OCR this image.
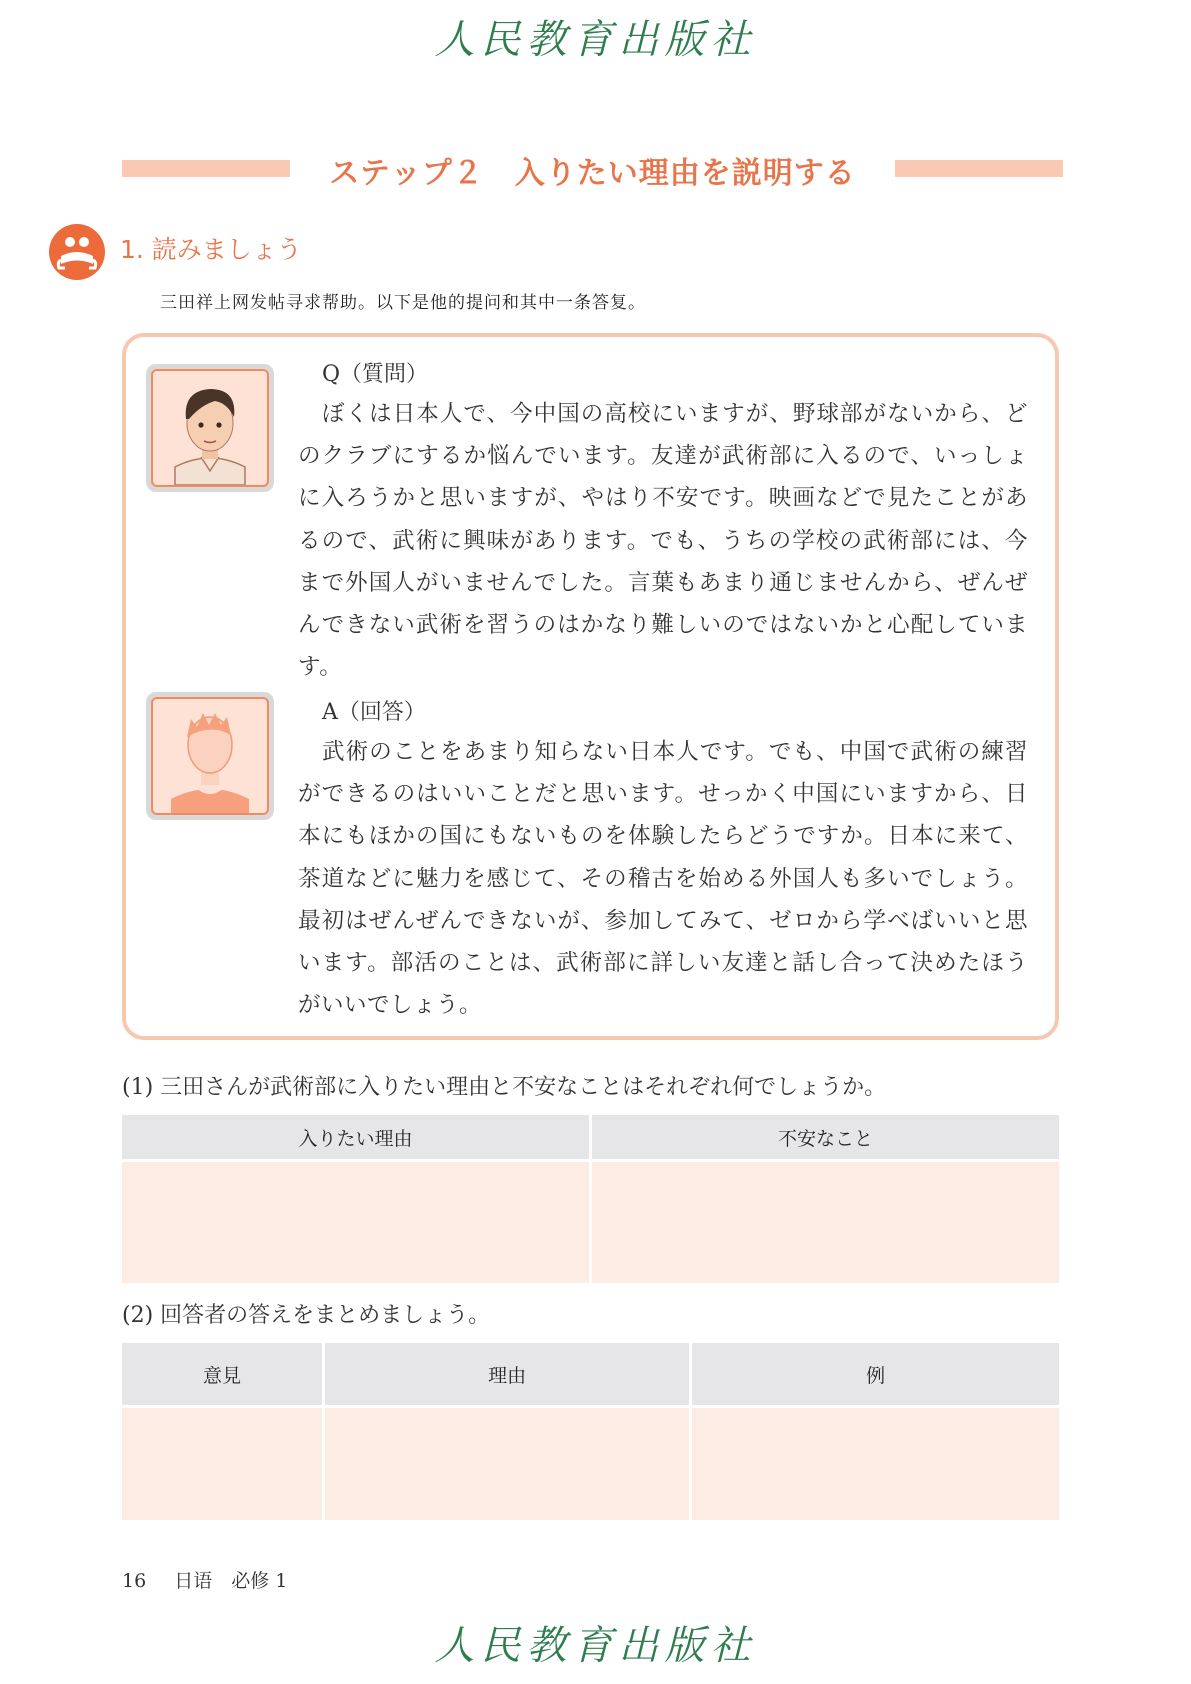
人民教育出版社
ステップ２　入りたい理由を説明する
1. 読みましょう
三田祥上网发帖寻求帮助。以下是他的提问和其中一条答复。
Q（質問）
ぼくは日本人で、今中国の高校にいますが、野球部がないから、どのクラブにするか悩んでいます。友達が武術部に入るので、いっしょに入ろうかと思いますが、やはり不安です。映画などで見たことがあるので、武術に興味があります。でも、うちの学校の武術部には、今まで外国人がいませんでした。言葉もあまり通じませんから、ぜんぜんできない武術を習うのはかなり難しいのではないかと心配しています。
A（回答）
武術のことをあまり知らない日本人です。でも、中国で武術の練習ができるのはいいことだと思います。せっかく中国にいますから、日本にもほかの国にもないものを体験したらどうですか。日本に来て、茶道などに魅力を感じて、その稽古を始める外国人も多いでしょう。最初はぜんぜんできないが、参加してみて、ゼロから学べばいいと思います。部活のことは、武術部に詳しい友達と話し合って決めたほうがいいでしょう。
(1) 三田さんが武術部に入りたい理由と不安なことはそれぞれ何でしょうか。
入りたい理由	不安なこと

(2) 回答者の答えをまとめましょう。
意見	理由	例

16 日语　必修 1
人民教育出版社
